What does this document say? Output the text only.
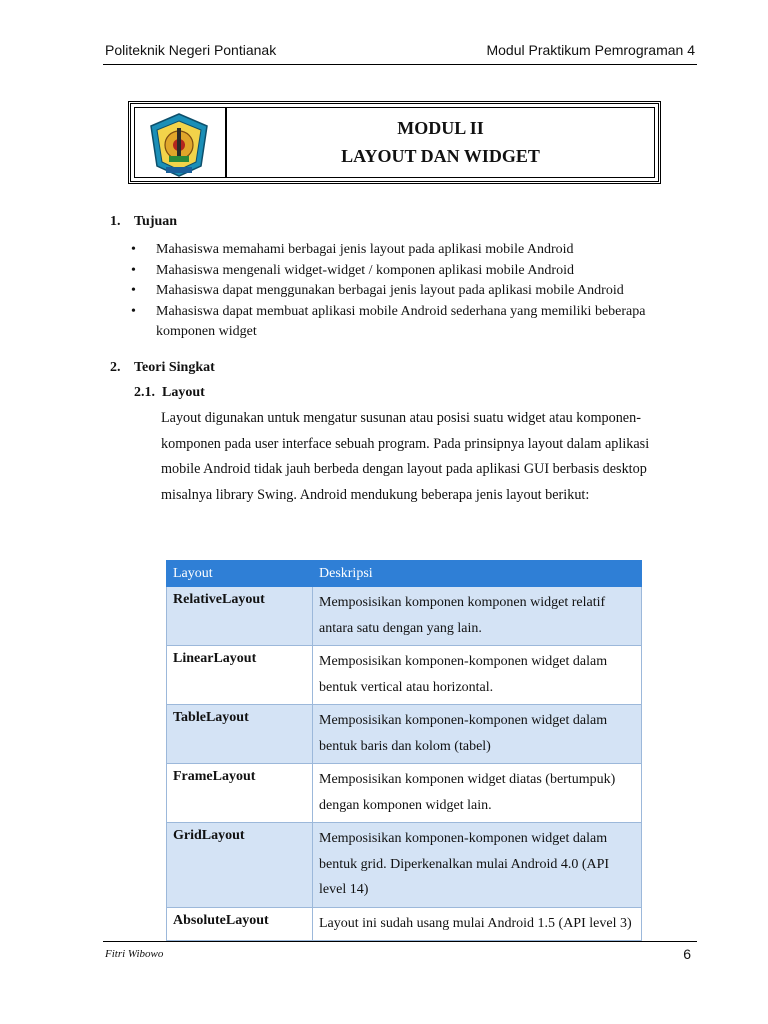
Politeknik Negeri Pontianak	Modul Praktikum Pemrograman 4
MODUL II
LAYOUT DAN WIDGET
1. Tujuan
• Mahasiswa memahami berbagai jenis layout pada aplikasi mobile Android
• Mahasiswa mengenali widget-widget / komponen aplikasi mobile Android
• Mahasiswa dapat menggunakan berbagai jenis layout pada aplikasi mobile Android
• Mahasiswa dapat membuat aplikasi mobile Android sederhana yang memiliki beberapa komponen widget
2. Teori Singkat
2.1. Layout
Layout digunakan untuk mengatur susunan atau posisi suatu widget atau komponen-komponen pada user interface sebuah program. Pada prinsipnya layout dalam aplikasi mobile Android tidak jauh berbeda dengan layout pada aplikasi GUI berbasis desktop misalnya library Swing. Android mendukung beberapa jenis layout berikut:
Layout	Deskripsi
RelativeLayout	Memposisikan komponen komponen widget relatif antara satu dengan yang lain.
LinearLayout	Memposisikan komponen-komponen widget dalam bentuk vertical atau horizontal.
TableLayout	Memposisikan komponen-komponen widget dalam bentuk baris dan kolom (tabel)
FrameLayout	Memposisikan komponen widget diatas (bertumpuk) dengan komponen widget lain.
GridLayout	Memposisikan komponen-komponen widget dalam bentuk grid. Diperkenalkan mulai Android 4.0 (API level 14)
AbsoluteLayout	Layout ini sudah usang mulai Android 1.5 (API level 3)
Fitri Wibowo	6
